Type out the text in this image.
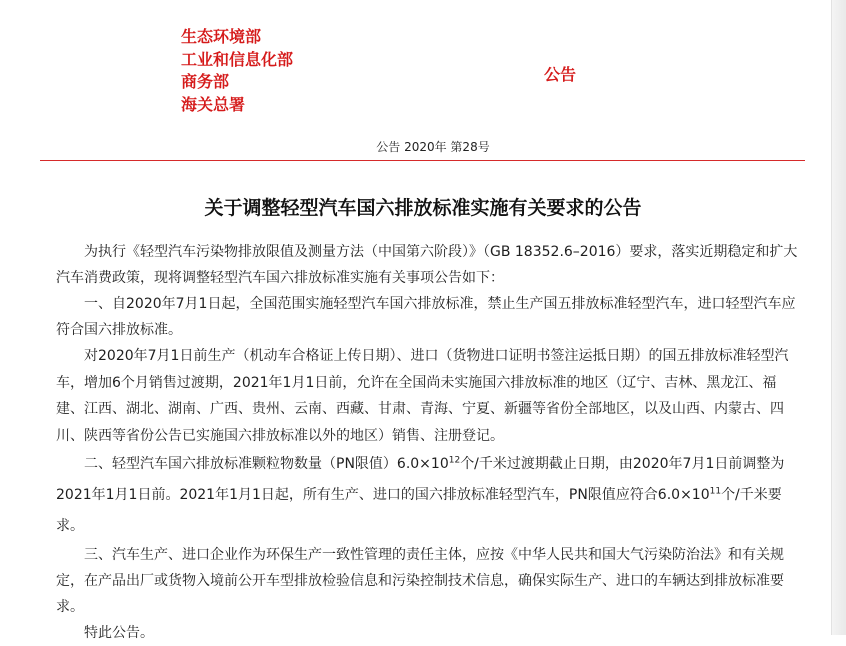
生态环境部
工业和信息化部
商务部
海关总署
公告
公告 2020年 第28号
关于调整轻型汽车国六排放标准实施有关要求的公告

为执行《轻型汽车污染物排放限值及测量方法（中国第六阶段）》（GB 18352.6–2016）要求，落实近期稳定和扩大汽车消费政策，现将调整轻型汽车国六排放标准实施有关事项公告如下：

一、自2020年7月1日起，全国范围实施轻型汽车国六排放标准，禁止生产国五排放标准轻型汽车，进口轻型汽车应符合国六排放标准。

对2020年7月1日前生产（机动车合格证上传日期）、进口（货物进口证明书签注运抵日期）的国五排放标准轻型汽车，增加6个月销售过渡期，2021年1月1日前，允许在全国尚未实施国六排放标准的地区（辽宁、吉林、黑龙江、福建、江西、湖北、湖南、广西、贵州、云南、西藏、甘肃、青海、宁夏、新疆等省份全部地区，以及山西、内蒙古、四川、陕西等省份公告已实施国六排放标准以外的地区）销售、注册登记。

二、轻型汽车国六排放标准颗粒物数量（PN限值）$6.0\times 10^{12}$个/千米过渡期截止日期，由2020年7月1日前调整为2021年1月1日前。2021年1月1日起，所有生产、进口的国六排放标准轻型汽车，PN限值应符合$6.0\times 10^{11}$个/千米要求。

三、汽车生产、进口企业作为环保生产一致性管理的责任主体，应按《中华人民共和国大气污染防治法》和有关规定，在产品出厂或货物入境前公开车型排放检验信息和污染控制技术信息，确保实际生产、进口的车辆达到排放标准要求。

特此公告。
